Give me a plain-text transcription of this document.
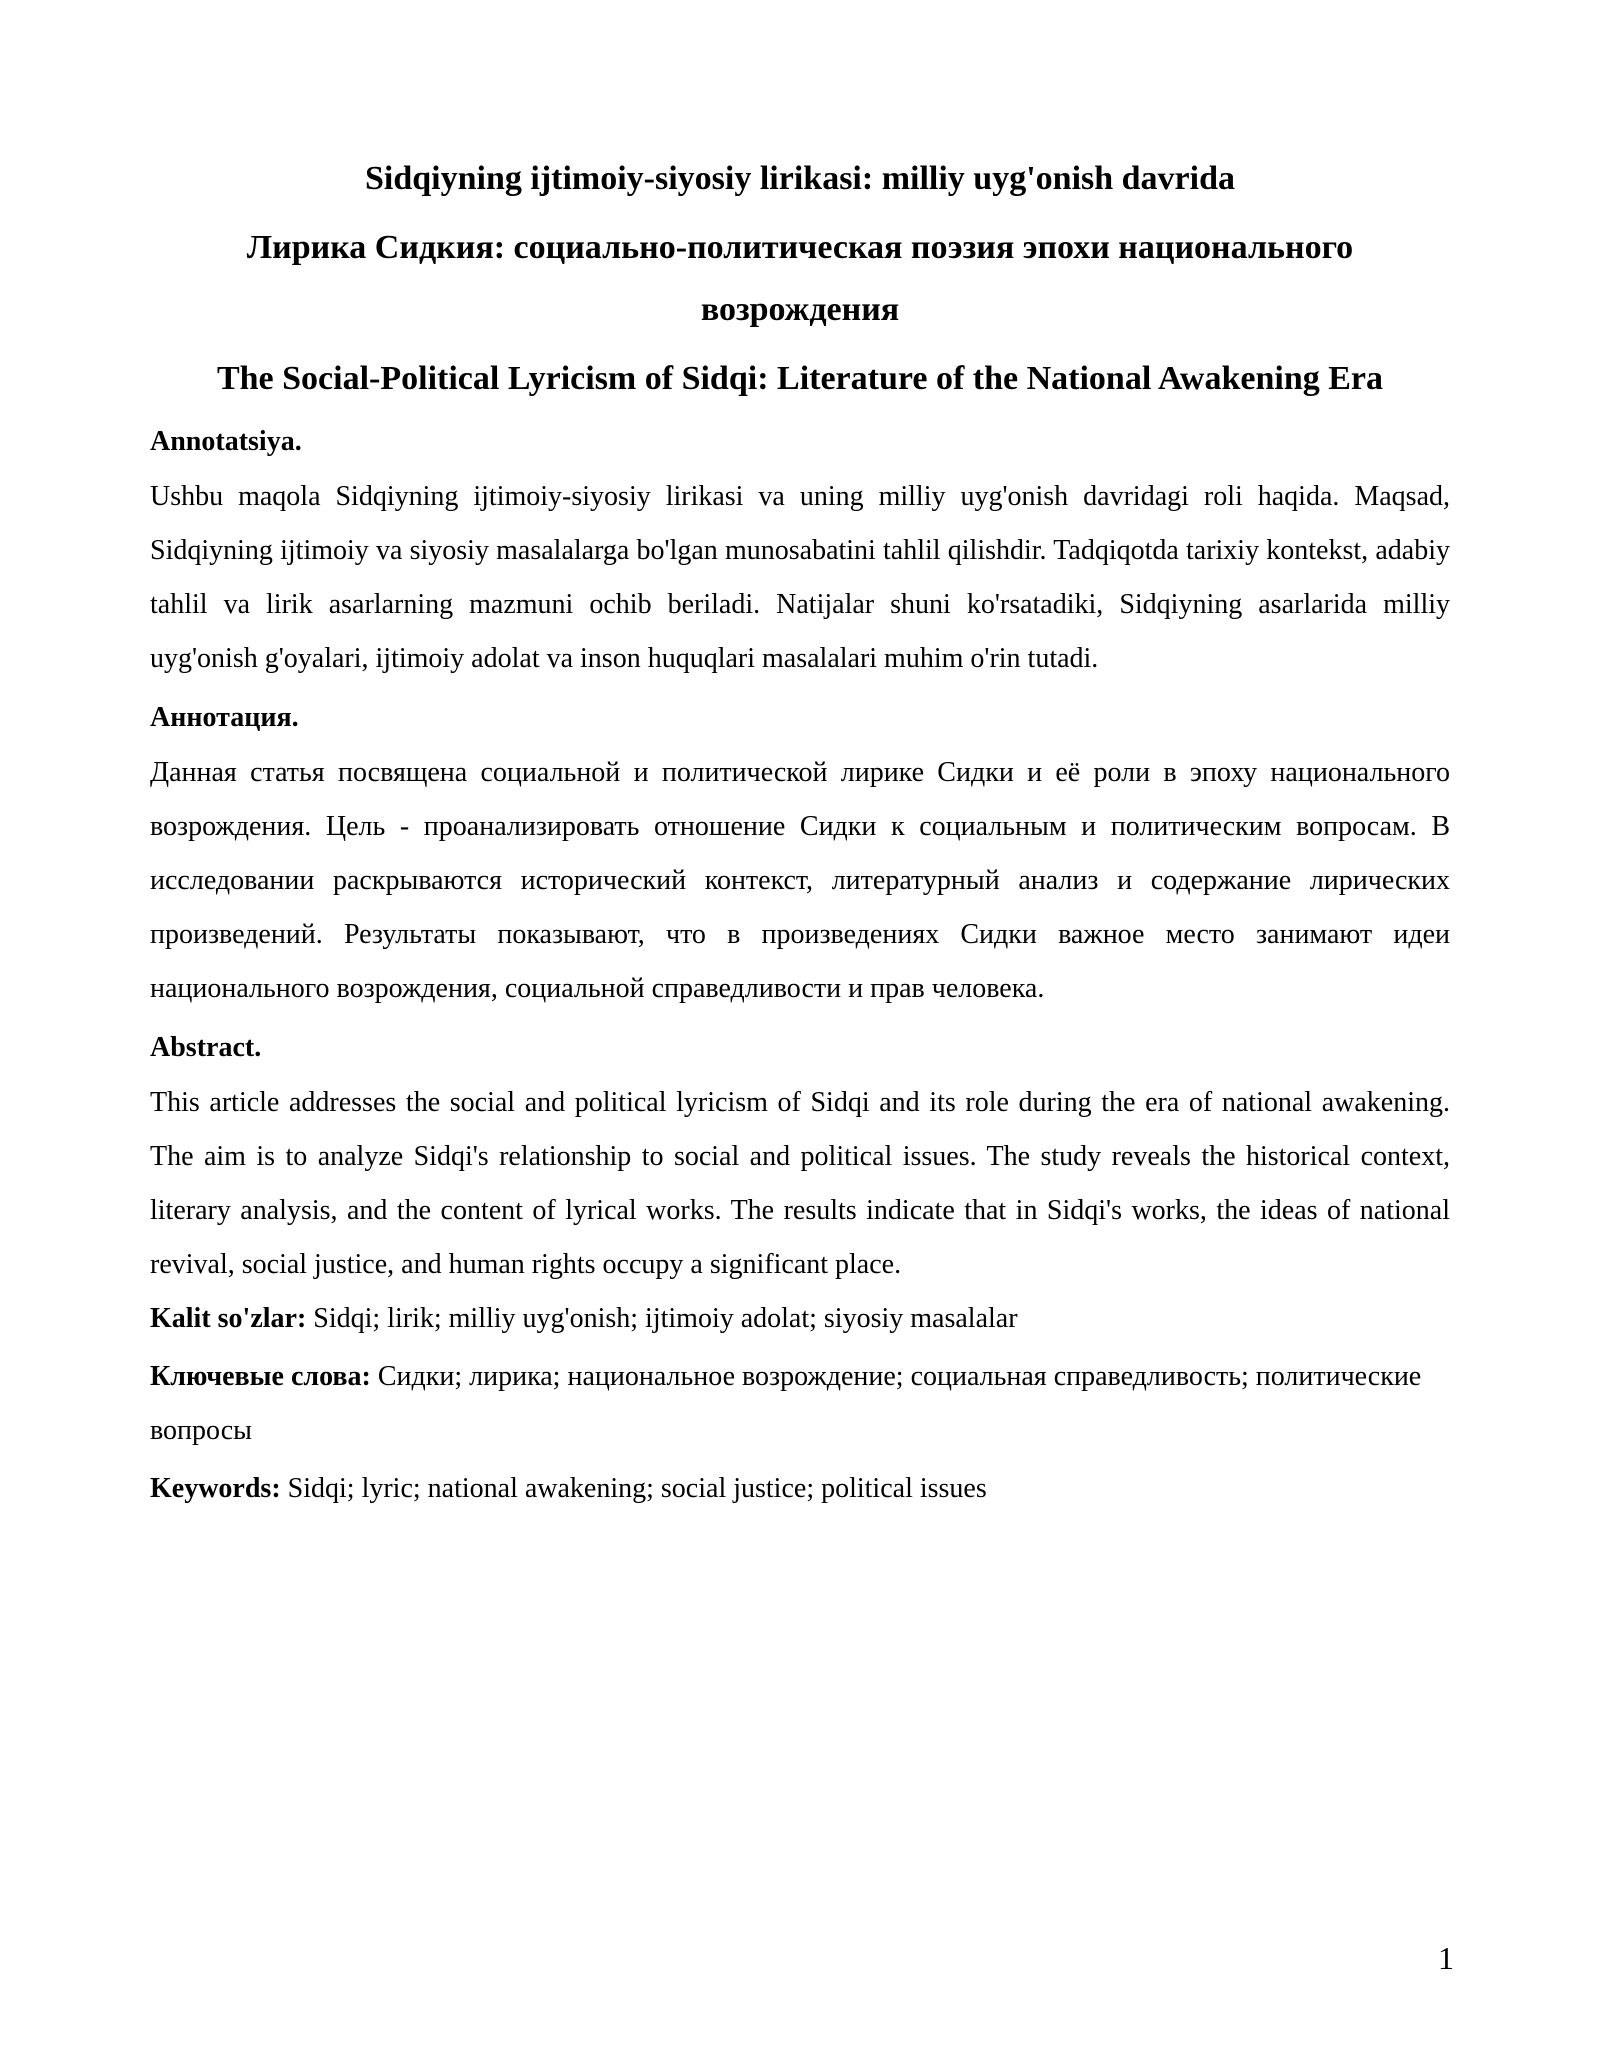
Sidqiyning ijtimoiy-siyosiy lirikasi: milliy uyg'onish davrida
Лирика Сидкия: социально-политическая поэзия эпохи национального возрождения
The Social-Political Lyricism of Sidqi: Literature of the National Awakening Era
Annotatsiya.

Ushbu maqola Sidqiyning ijtimoiy-siyosiy lirikasi va uning milliy uyg'onish davridagi roli haqida. Maqsad, Sidqiyning ijtimoiy va siyosiy masalalarga bo'lgan munosabatini tahlil qilishdir. Tadqiqotda tarixiy kontekst, adabiy tahlil va lirik asarlarning mazmuni ochib beriladi. Natijalar shuni ko'rsatadiki, Sidqiyning asarlarida milliy uyg'onish g'oyalari, ijtimoiy adolat va inson huquqlari masalalari muhim o'rin tutadi.

Аннотация.

Данная статья посвящена социальной и политической лирике Сидки и её роли в эпоху национального возрождения. Цель - проанализировать отношение Сидки к социальным и политическим вопросам. В исследовании раскрываются исторический контекст, литературный анализ и содержание лирических произведений. Результаты показывают, что в произведениях Сидки важное место занимают идеи национального возрождения, социальной справедливости и прав человека.

Abstract.

This article addresses the social and political lyricism of Sidqi and its role during the era of national awakening. The aim is to analyze Sidqi's relationship to social and political issues. The study reveals the historical context, literary analysis, and the content of lyrical works. The results indicate that in Sidqi's works, the ideas of national revival, social justice, and human rights occupy a significant place.

Kalit so'zlar: Sidqi; lirik; milliy uyg'onish; ijtimoiy adolat; siyosiy masalalar

Ключевые слова: Сидки; лирика; национальное возрождение; социальная справедливость; политические вопросы

Keywords: Sidqi; lyric; national awakening; social justice; political issues

1
